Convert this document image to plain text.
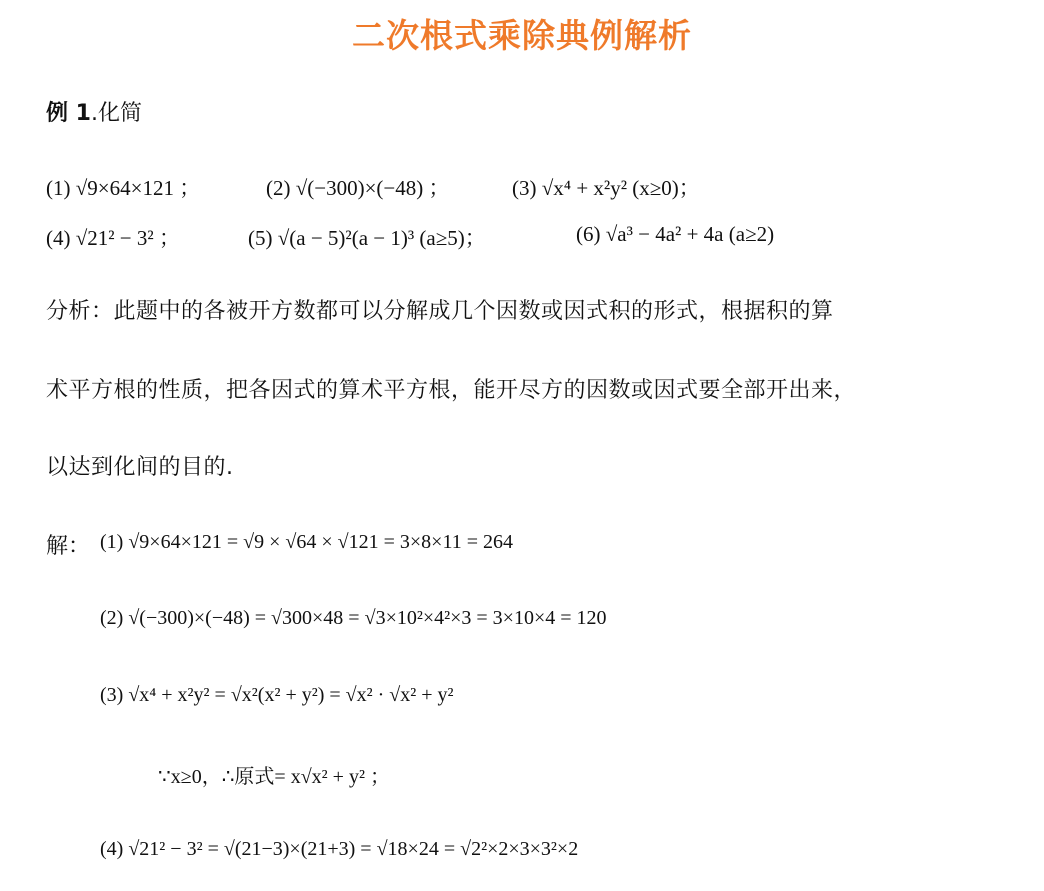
二次根式乘除典例解析
例 1.化简
(1) √9×64×121 ；	(2) √(−300)×(−48) ；	(3) √x⁴ + x²y² (x≥0)；
(4) √21² − 3² ；	(5) √(a − 5)²(a − 1)³ (a≥5)；	(6) √a³ − 4a² + 4a (a≥2)
分析：此题中的各被开方数都可以分解成几个因数或因式积的形式，根据积的算
术平方根的性质，把各因式的算术平方根，能开尽方的因数或因式要全部开出来，
以达到化间的目的.
解： (1) √9×64×121 = √9 × √64 × √121 = 3×8×11 = 264
(2) √(−300)×(−48) = √300×48 = √3×10²×4²×3 = 3×10×4 = 120
(3) √x⁴ + x²y² = √x²(x² + y²) = √x² · √x² + y²
∵x≥0，∴原式= x√x² + y² ；
(4) √21² − 3² = √(21−3)×(21+3) = √18×24 = √2²×2×3×3²×2
